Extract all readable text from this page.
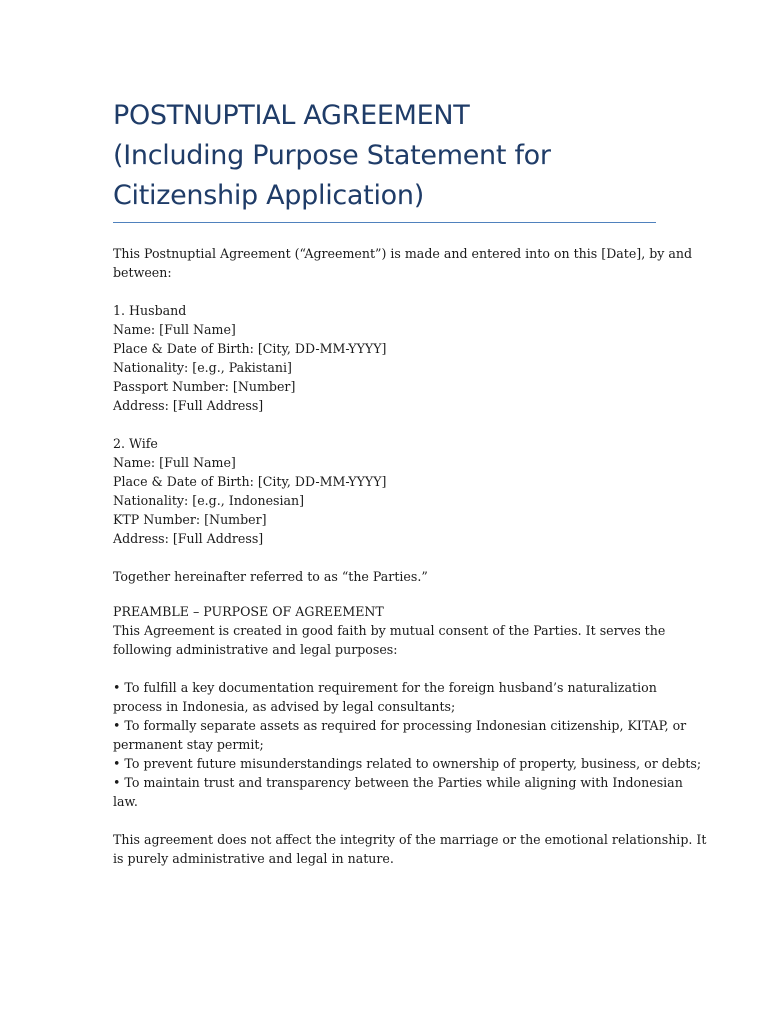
POSTNUPTIAL AGREEMENT
(Including Purpose Statement for
Citizenship Application)

This Postnuptial Agreement (“Agreement”) is made and entered into on this [Date], by and
between:

1. Husband
Name: [Full Name]
Place & Date of Birth: [City, DD-MM-YYYY]
Nationality: [e.g., Pakistani]
Passport Number: [Number]
Address: [Full Address]
2. Wife
Name: [Full Name]
Place & Date of Birth: [City, DD-MM-YYYY]
Nationality: [e.g., Indonesian]
KTP Number: [Number]
Address: [Full Address]

Together hereinafter referred to as “the Parties.”

PREAMBLE – PURPOSE OF AGREEMENT
This Agreement is created in good faith by mutual consent of the Parties. It serves the
following administrative and legal purposes:
• To fulfill a key documentation requirement for the foreign husband’s naturalization
process in Indonesia, as advised by legal consultants;
• To formally separate assets as required for processing Indonesian citizenship, KITAP, or
permanent stay permit;
• To prevent future misunderstandings related to ownership of property, business, or debts;
• To maintain trust and transparency between the Parties while aligning with Indonesian
law.

This agreement does not affect the integrity of the marriage or the emotional relationship. It
is purely administrative and legal in nature.
